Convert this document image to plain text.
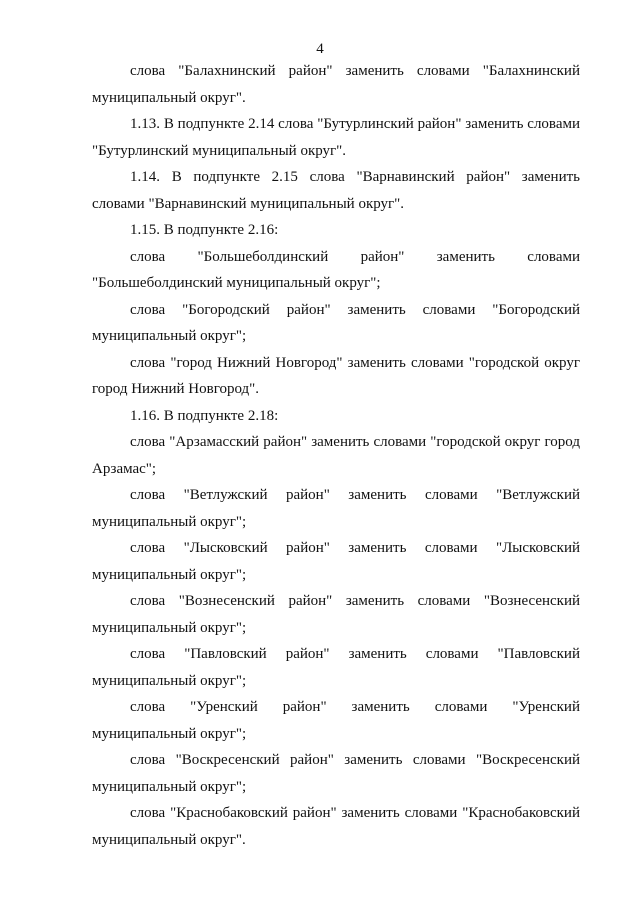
4

слова "Балахнинский район" заменить словами "Балахнинский муниципальный округ".

1.13. В подпункте 2.14 слова "Бутурлинский район" заменить словами "Бутурлинский муниципальный округ".

1.14. В подпункте 2.15 слова "Варнавинский район" заменить словами "Варнавинский муниципальный округ".

1.15. В подпункте 2.16:

слова "Большеболдинский район" заменить словами "Большеболдинский муниципальный округ";

слова "Богородский район" заменить словами "Богородский муниципальный округ";

слова "город Нижний Новгород" заменить словами "городской округ город Нижний Новгород".

1.16. В подпункте 2.18:

слова "Арзамасский район" заменить словами "городской округ город Арзамас";

слова "Ветлужский район" заменить словами "Ветлужский муниципальный округ";

слова "Лысковский район" заменить словами "Лысковский муниципальный округ";

слова "Вознесенский район" заменить словами "Вознесенский муниципальный округ";

слова "Павловский район" заменить словами "Павловский муниципальный округ";

слова "Уренский район" заменить словами "Уренский муниципальный округ";

слова "Воскресенский район" заменить словами "Воскресенский муниципальный округ";

слова "Краснобаковский район" заменить словами "Краснобаковский муниципальный округ".
